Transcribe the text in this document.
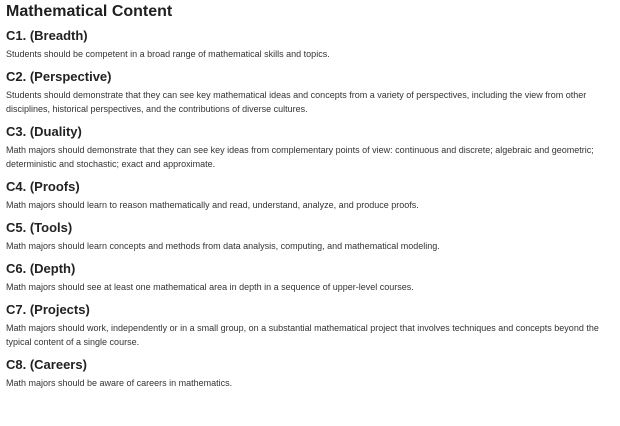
Mathematical Content
C1. (Breadth)

Students should be competent in a broad range of mathematical skills and topics.

C2. (Perspective)

Students should demonstrate that they can see key mathematical ideas and concepts from a variety of perspectives, including the view from other disciplines, historical perspectives, and the contributions of diverse cultures.

C3. (Duality)

Math majors should demonstrate that they can see key ideas from complementary points of view: continuous and discrete; algebraic and geometric; deterministic and stochastic; exact and approximate.

C4. (Proofs)

Math majors should learn to reason mathematically and read, understand, analyze, and produce proofs.

C5. (Tools)

Math majors should learn concepts and methods from data analysis, computing, and mathematical modeling.

C6. (Depth)

Math majors should see at least one mathematical area in depth in a sequence of upper-level courses.

C7. (Projects)

Math majors should work, independently or in a small group, on a substantial mathematical project that involves techniques and concepts beyond the typical content of a single course.

C8. (Careers)

Math majors should be aware of careers in mathematics.
